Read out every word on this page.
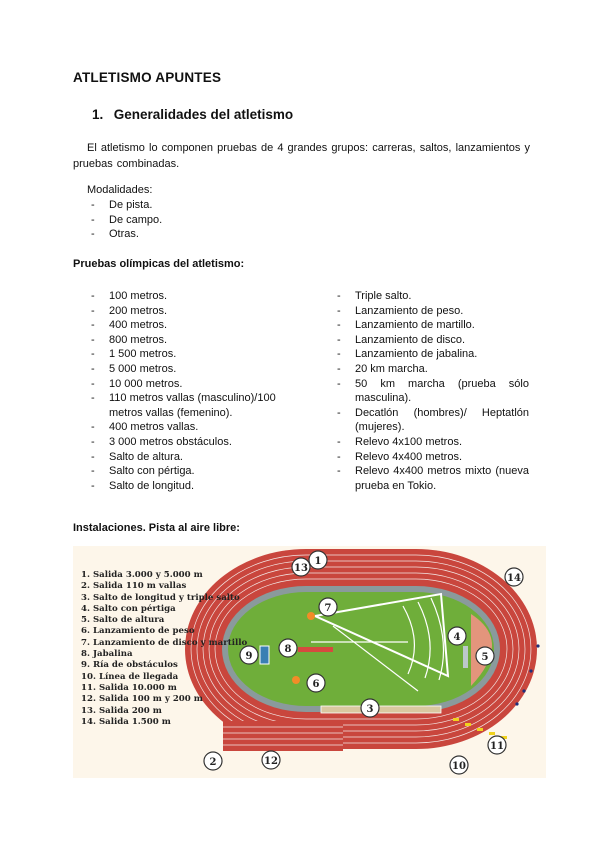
ATLETISMO APUNTES
1. Generalidades del atletismo
El atletismo lo componen pruebas de 4 grandes grupos: carreras, saltos, lanzamientos y pruebas combinadas.
Modalidades:
- De pista.
- De campo.
- Otras.
Pruebas olímpicas del atletismo:
- 100 metros.
- 200 metros.
- 400 metros.
- 800 metros.
- 1 500 metros.
- 5 000 metros.
- 10 000 metros.
- 110 metros vallas (masculino)/100 metros vallas (femenino).
- 400 metros vallas.
- 3 000 metros obstáculos.
- Salto de altura.
- Salto con pértiga.
- Salto de longitud.
- Triple salto.
- Lanzamiento de peso.
- Lanzamiento de martillo.
- Lanzamiento de disco.
- Lanzamiento de jabalina.
- 20 km marcha.
- 50 km marcha (prueba sólo masculina).
- Decatlón (hombres)/ Heptatlón (mujeres).
- Relevo 4x100 metros.
- Relevo 4x400 metros.
- Relevo 4x400 metros mixto (nueva prueba en Tokio.
Instalaciones. Pista al aire libre:
1
2
3
4
5
6
7
8
9
10
11
12
13
14
1. Salida 3.000 y 5.000 m
2. Salida 110 m vallas
3. Salto de longitud y triple salto
4. Salto con pértiga
5. Salto de altura
6. Lanzamiento de peso
7. Lanzamiento de disco y martillo
8. Jabalina
9. Ría de obstáculos
10. Línea de llegada
11. Salida 10.000 m
12. Salida 100 m y 200 m
13. Salida 200 m
14. Salida 1.500 m
